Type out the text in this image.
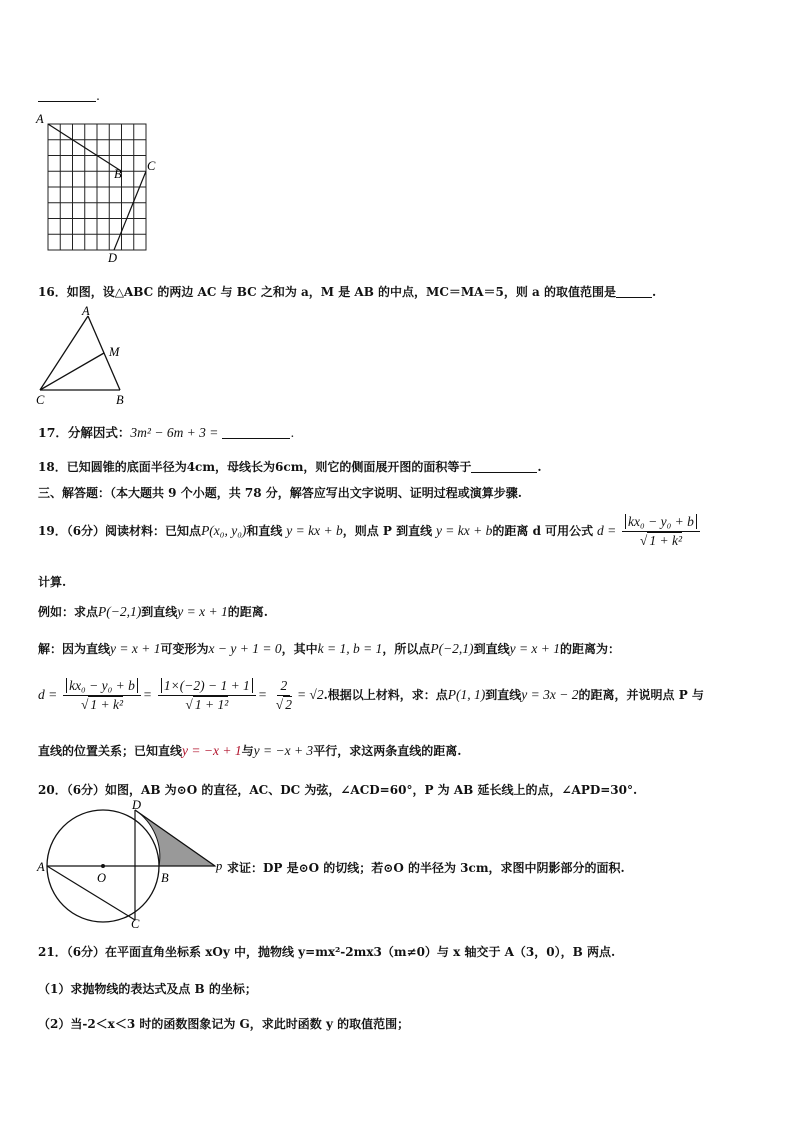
.
A
B
C
D
16．如图，设△ABC 的两边 AC 与 BC 之和为 a，M 是 AB 的中点，MC＝MA＝5，则 a 的取值范围是	.
A
M
C	B
17．分解因式：3m² − 6m + 3 =	.
18．已知圆锥的底面半径为4cm，母线长为6cm，则它的侧面展开图的面积等于	.
三、解答题：（本大题共 9 个小题，共 78 分，解答应写出文字说明、证明过程或演算步骤.
19．（6分）阅读材料：已知点P(x₀, y₀)和直线 y = kx + b，则点 P 到直线 y = kx + b的距离 d 可用公式 $d = \frac{\text{kx₀ − y₀ + b}}{\text{√ 1 + k²}}$
计算.
例如：求点P(−2,1)到直线y = x + 1的距离.
解：因为直线y = x + 1可变形为x − y + 1 = 0，其中k = 1, b = 1，所以点P(−2,1)到直线y = x + 1的距离为：
$d = \frac{\text{kx₀ − y₀ + b}}{\text{√ 1 + k²}} = \frac{1\times(-2) - 1 + 1}{\text{√ 1 + 1²}} = \frac{2}{√ 2} = √2$.根据以上材料，求：点P(1, 1)到直线y = 3x − 2的距离，并说明点 P 与
直线的位置关系；已知直线y = −x + 1与y = −x + 3平行，求这两条直线的距离.
20．（6分）如图，AB 为⊙O 的直径，AC、DC 为弦，∠ACD=60°，P 为 AB 延长线上的点，∠APD=30°.
A
O	B
D
C
p 求证：DP 是⊙O 的切线；若⊙O 的半径为 3cm，求图中阴影部分的面积.
21．（6分）在平面直角坐标系 xOy 中，抛物线 y=mx²-2mx3（m≠0）与 x 轴交于 A（3，0），B 两点.
（1）求抛物线的表达式及点 B 的坐标；
（2）当-2＜x＜3 时的函数图象记为 G，求此时函数 y 的取值范围；
